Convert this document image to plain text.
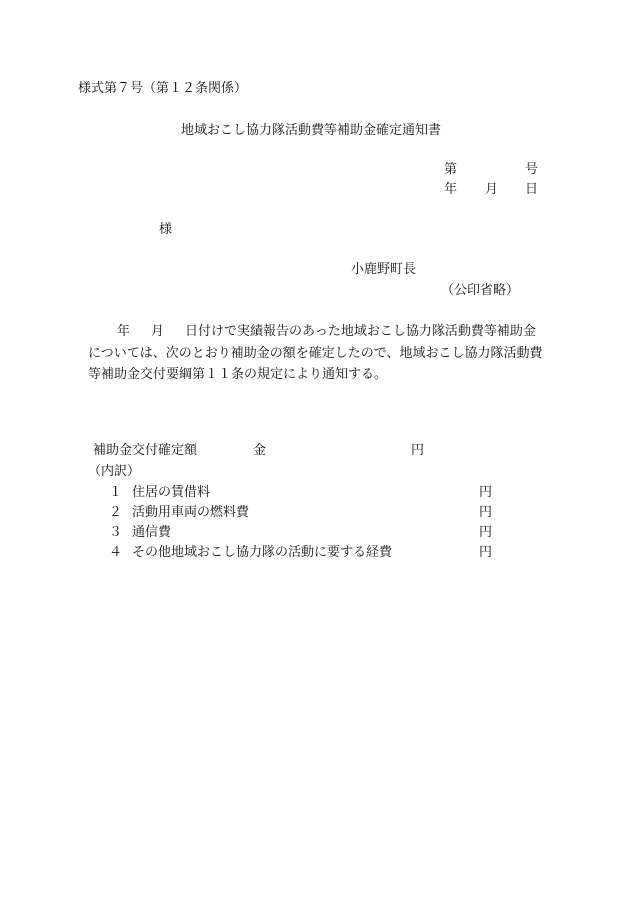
様式第７号（第１２条関係）
地域おこし協力隊活動費等補助金確定通知書
第	号
年 月 日
様
小鹿野町長
（公印省略）
年 月 日付けで実績報告のあった地域おこし協力隊活動費等補助金については、次のとおり補助金の額を確定したので、地域おこし協力隊活動費等補助金交付要綱第１１条の規定により通知する。
補助金交付確定額	金	円
（内訳）
１ 住居の賃借料	円
２ 活動用車両の燃料費	円
３ 通信費	円
４ その他地域おこし協力隊の活動に要する経費	円
